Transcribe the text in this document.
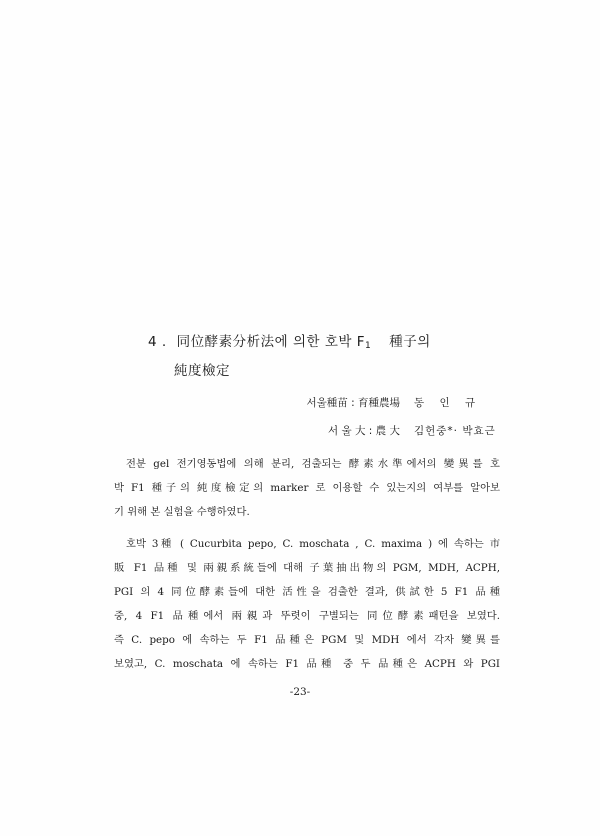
4 . 同位酵素分析法에 의한 호박 $F_1$ 種子의
純度檢定
서울種苗 : 育種農場	동 인 규
서 울 大 : 農 大	김헌중*· 박효근

전분 gel 전기영동법에 의해 분리, 검출되는 酵素水準에서의 變異를 호

박 F1 種子의 純度檢定의 marker 로 이용할 수 있는지의 여부를 알아보

기 위해 본 실험을 수행하였다.

호박 3種 ( Cucurbita pepo, C. moschata , C. maxima ) 에 속하는 市

販 F1 品種 및 兩親系統들에 대해 子葉抽出物의 PGM, MDH, ACPH,

PGI 의 4 同位酵素들에 대한 活性을 검출한 결과, 供試한 5 F1 品種

중, 4 F1 品種에서 兩親과 뚜렷이 구별되는 同位酵素패턴을 보였다.

즉 C. pepo 에 속하는 두 F1 品種은 PGM 및 MDH 에서 각자 變異를

보였고, C. moschata 에 속하는 F1 品種 중 두 品種은 ACPH 와 PGI

-23-
